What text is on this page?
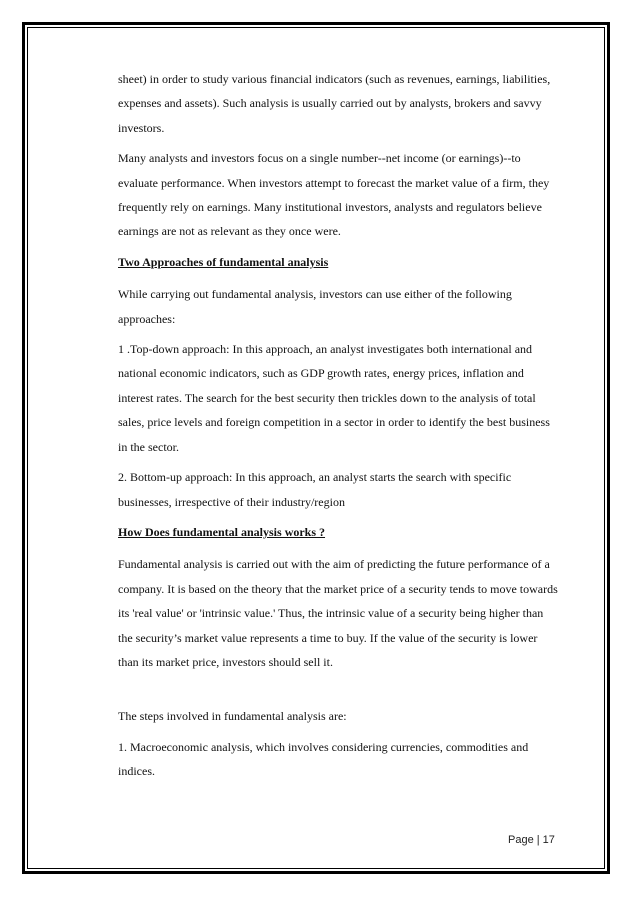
sheet) in order to study various financial indicators (such as revenues, earnings, liabilities, expenses and assets). Such analysis is usually carried out by analysts, brokers and savvy investors.

Many analysts and investors focus on a single number--net income (or earnings)--to evaluate performance. When investors attempt to forecast the market value of a firm, they frequently rely on earnings. Many institutional investors, analysts and regulators believe earnings are not as relevant as they once were.

Two Approaches of fundamental analysis

While carrying out fundamental analysis, investors can use either of the following approaches:

1 .Top-down approach: In this approach, an analyst investigates both international and national economic indicators, such as GDP growth rates, energy prices, inflation and interest rates. The search for the best security then trickles down to the analysis of total sales, price levels and foreign competition in a sector in order to identify the best business in the sector.

2. Bottom-up approach: In this approach, an analyst starts the search with specific businesses, irrespective of their industry/region

How Does fundamental analysis works ?

Fundamental analysis is carried out with the aim of predicting the future performance of a company. It is based on the theory that the market price of a security tends to move towards its 'real value' or 'intrinsic value.' Thus, the intrinsic value of a security being higher than the security’s market value represents a time to buy. If the value of the security is lower than its market price, investors should sell it.

The steps involved in fundamental analysis are:

1. Macroeconomic analysis, which involves considering currencies, commodities and indices.

Page | 17
